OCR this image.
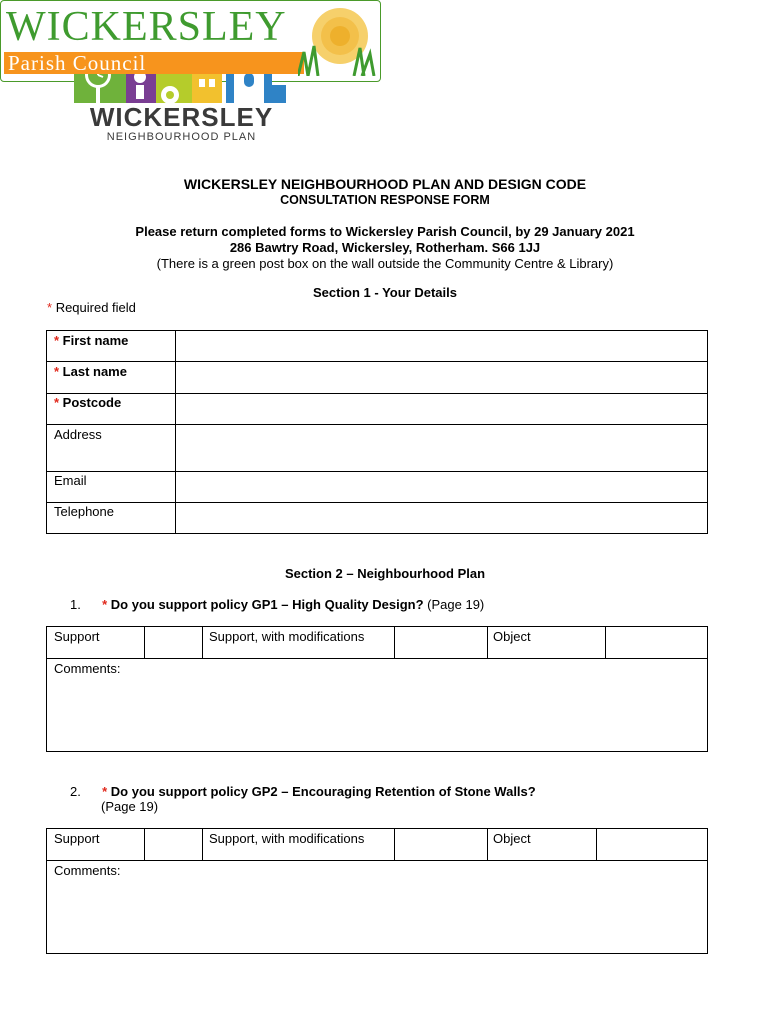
WICKERSLEY
NEIGHBOURHOOD PLAN
WICKERSLEY
Parish Council
WICKERSLEY NEIGHBOURHOOD PLAN AND DESIGN CODE
CONSULTATION RESPONSE FORM
Please return completed forms to Wickersley Parish Council, by 29 January 2021
286 Bawtry Road, Wickersley, Rotherham. S66 1JJ
(There is a green post box on the wall outside the Community Centre & Library)
Section 1 - Your Details
* Required field
* First name
* Last name
* Postcode
Address
Email
Telephone
Section 2 – Neighbourhood Plan
1. * Do you support policy GP1 – High Quality Design? (Page 19)
Support	Support, with modifications	Object
Comments:
2. * Do you support policy GP2 – Encouraging Retention of Stone Walls?
(Page 19)
Support	Support, with modifications	Object
Comments:
